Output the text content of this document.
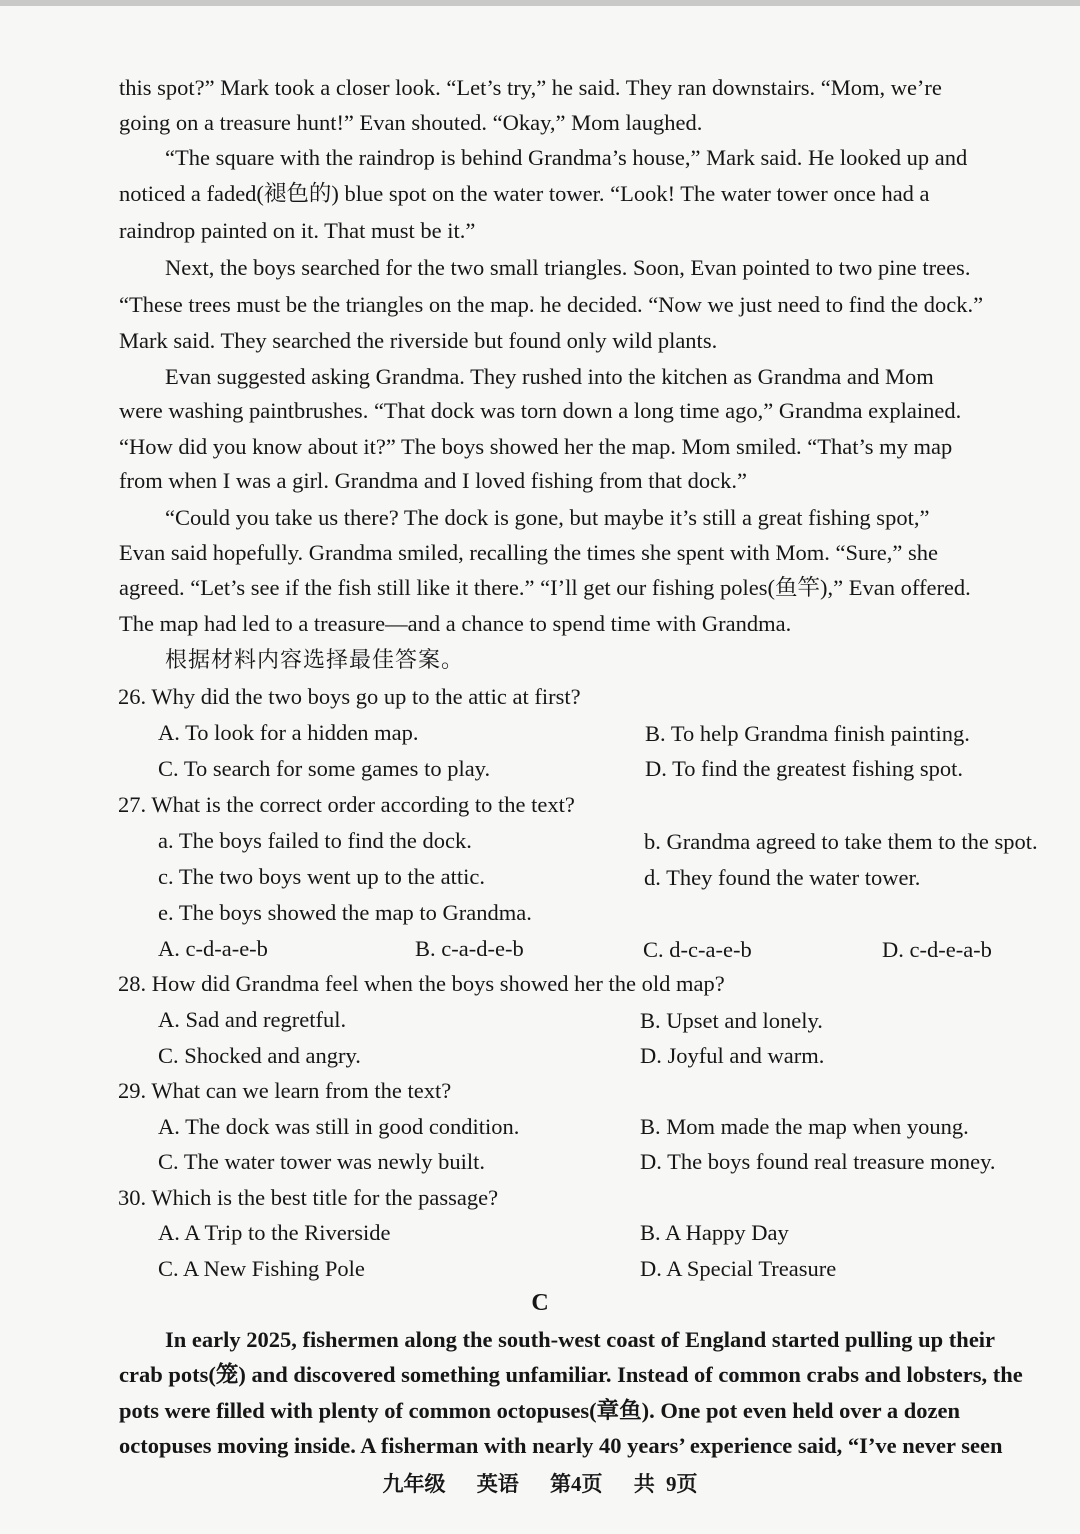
this spot?” Mark took a closer look. “Let’s try,” he said. They ran downstairs. “Mom, we’re
going on a treasure hunt!” Evan shouted. “Okay,” Mom laughed.
“The square with the raindrop is behind Grandma’s house,” Mark said. He looked up and
noticed a faded(褪色的) blue spot on the water tower. “Look! The water tower once had a
raindrop painted on it. That must be it.”
Next, the boys searched for the two small triangles. Soon, Evan pointed to two pine trees.
“These trees must be the triangles on the map. he decided. “Now we just need to find the dock.”
Mark said. They searched the riverside but found only wild plants.
Evan suggested asking Grandma. They rushed into the kitchen as Grandma and Mom
were washing paintbrushes. “That dock was torn down a long time ago,” Grandma explained.
“How did you know about it?” The boys showed her the map. Mom smiled. “That’s my map
from when I was a girl. Grandma and I loved fishing from that dock.”
“Could you take us there? The dock is gone, but maybe it’s still a great fishing spot,”
Evan said hopefully. Grandma smiled, recalling the times she spent with Mom. “Sure,” she
agreed. “Let’s see if the fish still like it there.” “I’ll get our fishing poles(鱼竿),” Evan offered.
The map had led to a treasure—and a chance to spend time with Grandma.
根据材料内容选择最佳答案。
26. Why did the two boys go up to the attic at first?
A. To look for a hidden map.	B. To help Grandma finish painting.
C. To search for some games to play.	D. To find the greatest fishing spot.
27. What is the correct order according to the text?
a. The boys failed to find the dock.	b. Grandma agreed to take them to the spot.
c. The two boys went up to the attic.	d. They found the water tower.
e. The boys showed the map to Grandma.
A. c-d-a-e-b	B. c-a-d-e-b	C. d-c-a-e-b	D. c-d-e-a-b
28. How did Grandma feel when the boys showed her the old map?
A. Sad and regretful.	B. Upset and lonely.
C. Shocked and angry.	D. Joyful and warm.
29. What can we learn from the text?
A. The dock was still in good condition.	B. Mom made the map when young.
C. The water tower was newly built.	D. The boys found real treasure money.
30. Which is the best title for the passage?
A. A Trip to the Riverside	B. A Happy Day
C. A New Fishing Pole	D. A Special Treasure
C
In early 2025, fishermen along the south-west coast of England started pulling up their
crab pots(笼) and discovered something unfamiliar. Instead of common crabs and lobsters, the
pots were filled with plenty of common octopuses(章鱼). One pot even held over a dozen
octopuses moving inside. A fisherman with nearly 40 years’ experience said, “I’ve never seen
九年级 英语 第4页 共 9页
